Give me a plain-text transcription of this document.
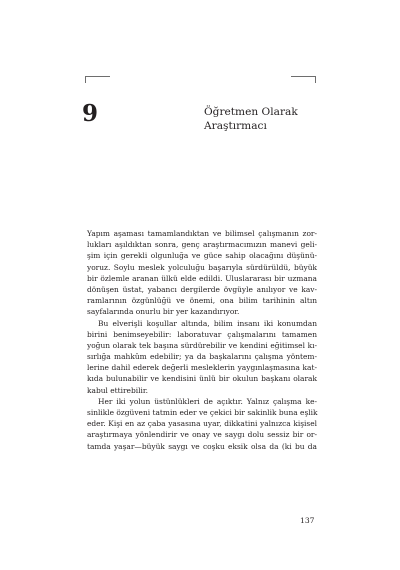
9	Öğretmen Olarak
Araştırmacı
Yapım aşaması tamamlandıktan ve bilimsel çalışmanın zor-
lukları aşıldıktan sonra, genç araştırmacımızın manevi geli-
şim için gerekli olgunluğa ve güce sahip olacağını düşünü-
yoruz. Soylu meslek yolculuğu başarıyla sürdürüldü, büyük
bir özlemle aranan ülkü elde edildi. Uluslararası bir uzmana
dönüşen üstat, yabancı dergilerde övgüyle anılıyor ve kav-
ramlarının özgünlüğü ve önemi, ona bilim tarihinin altın
sayfalarında onurlu bir yer kazandırıyor.
Bu elverişli koşullar altında, bilim insanı iki konumdan
birini benimseyebilir: laboratuvar çalışmalarını tamamen
yoğun olarak tek başına sürdürebilir ve kendini eğitimsel kı-
sırlığa mahkûm edebilir; ya da başkalarını çalışma yöntem-
lerine dahil ederek değerli mesleklerin yaygınlaşmasına kat-
kıda bulunabilir ve kendisini ünlü bir okulun başkanı olarak
kabul ettirebilir.
Her iki yolun üstünlükleri de açıktır. Yalnız çalışma ke-
sinlikle özgüveni tatmin eder ve çekici bir sakinlik buna eşlik
eder. Kişi en az çaba yasasına uyar, dikkatini yalnızca kişisel
araştırmaya yönlendirir ve onay ve saygı dolu sessiz bir or-
tamda yaşar—büyük saygı ve coşku eksik olsa da (ki bu da
137
